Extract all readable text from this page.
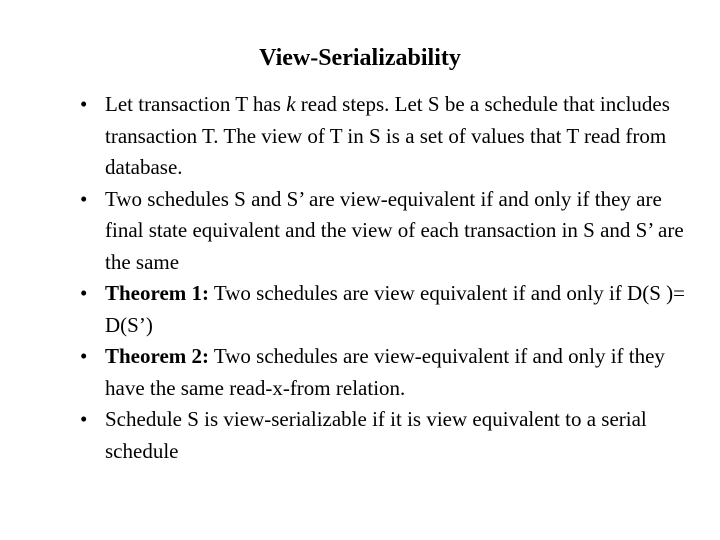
View-Serializability
• Let transaction T has k read steps. Let S be a schedule that includes transaction T. The view of T in S is a set of values that T read from database.
• Two schedules S and S’ are view-equivalent if and only if they are final state equivalent and the view of each transaction in S and S’ are the same
• Theorem 1: Two schedules are view equivalent if and only if D(S )= D(S’)
• Theorem 2: Two schedules are view-equivalent if and only if they have the same read-x-from relation.
• Schedule S is view-serializable if it is view equivalent to a serial schedule
